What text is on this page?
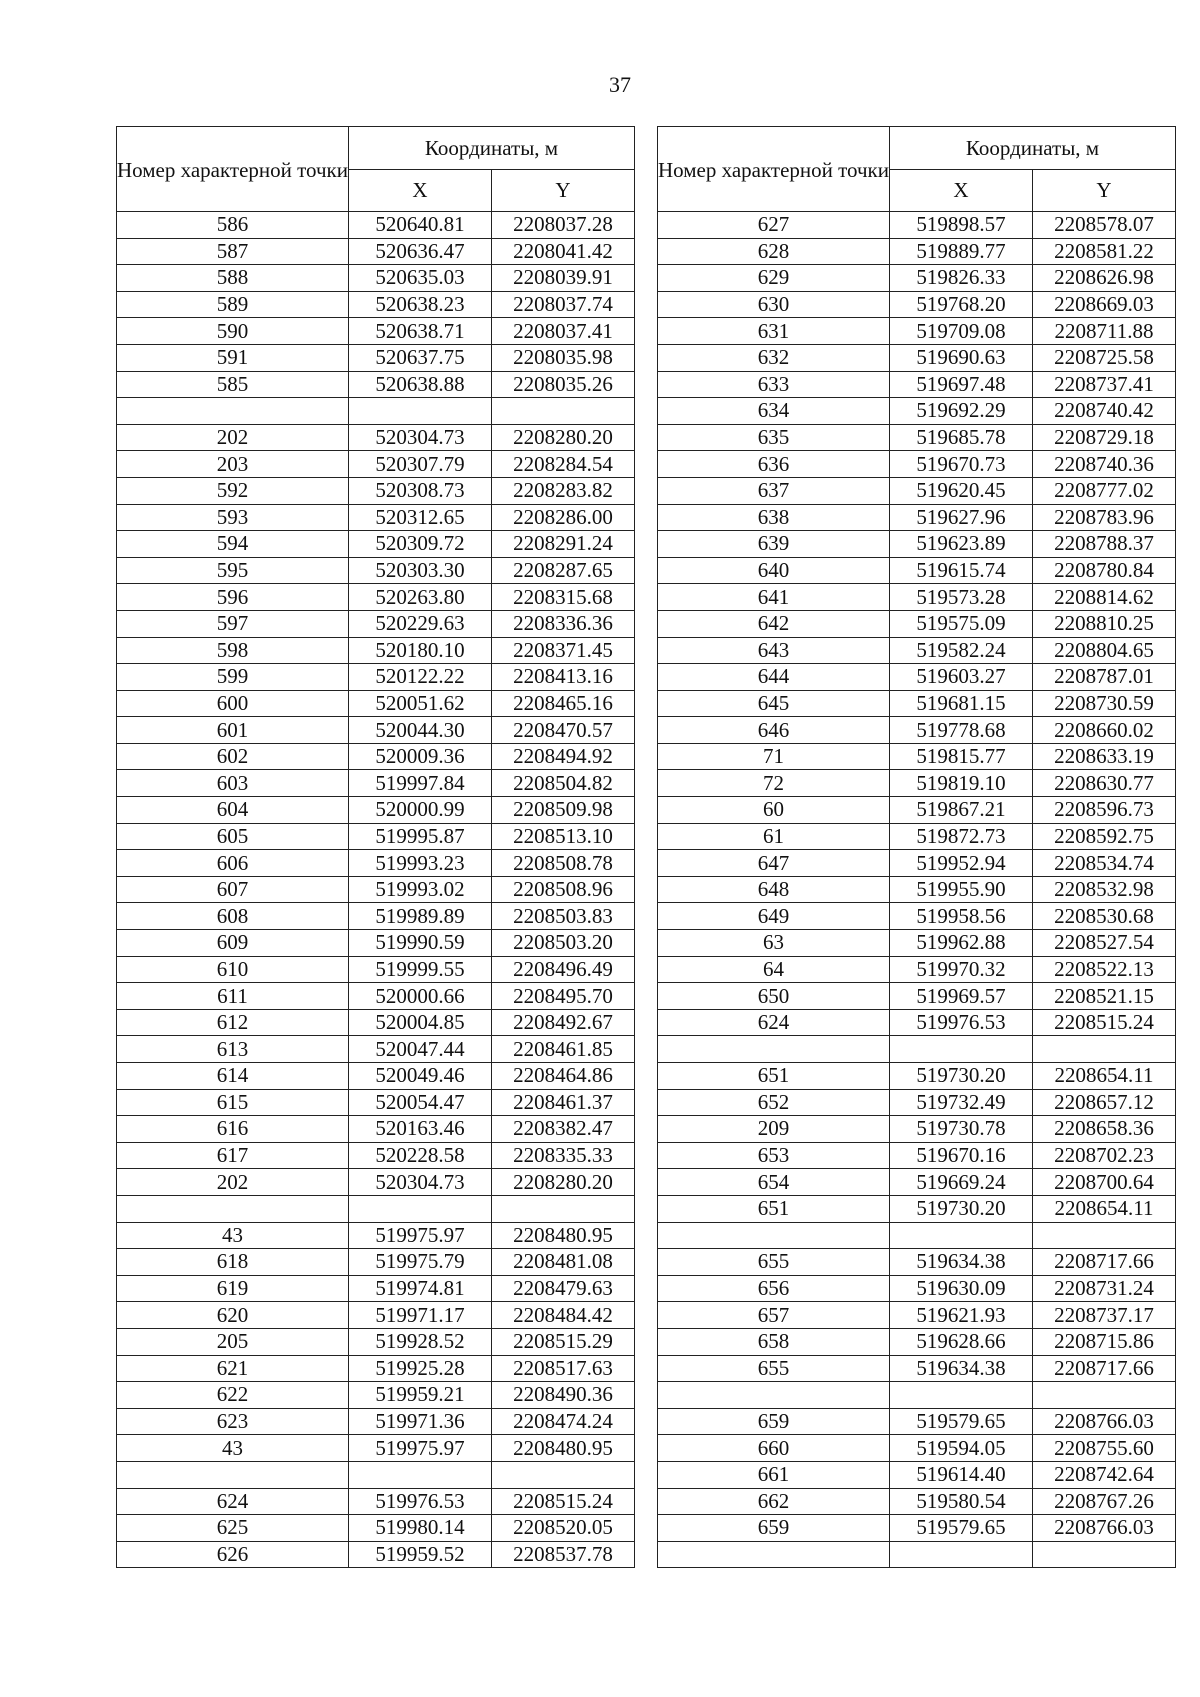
37
Номер характерной точки	Координаты, м	
	X	Y
586	520640.81	2208037.28
587	520636.47	2208041.42
588	520635.03	2208039.91
589	520638.23	2208037.74
590	520638.71	2208037.41
591	520637.75	2208035.98
585	520638.88	2208035.26

202	520304.73	2208280.20
203	520307.79	2208284.54
592	520308.73	2208283.82
593	520312.65	2208286.00
594	520309.72	2208291.24
595	520303.30	2208287.65
596	520263.80	2208315.68
597	520229.63	2208336.36
598	520180.10	2208371.45
599	520122.22	2208413.16
600	520051.62	2208465.16
601	520044.30	2208470.57
602	520009.36	2208494.92
603	519997.84	2208504.82
604	520000.99	2208509.98
605	519995.87	2208513.10
606	519993.23	2208508.78
607	519993.02	2208508.96
608	519989.89	2208503.83
609	519990.59	2208503.20
610	519999.55	2208496.49
611	520000.66	2208495.70
612	520004.85	2208492.67
613	520047.44	2208461.85
614	520049.46	2208464.86
615	520054.47	2208461.37
616	520163.46	2208382.47
617	520228.58	2208335.33
202	520304.73	2208280.20

43	519975.97	2208480.95
618	519975.79	2208481.08
619	519974.81	2208479.63
620	519971.17	2208484.42
205	519928.52	2208515.29
621	519925.28	2208517.63
622	519959.21	2208490.36
623	519971.36	2208474.24
43	519975.97	2208480.95

624	519976.53	2208515.24
625	519980.14	2208520.05
626	519959.52	2208537.78
Номер характерной точки	Координаты, м	
	X	Y
627	519898.57	2208578.07
628	519889.77	2208581.22
629	519826.33	2208626.98
630	519768.20	2208669.03
631	519709.08	2208711.88
632	519690.63	2208725.58
633	519697.48	2208737.41
634	519692.29	2208740.42
635	519685.78	2208729.18
636	519670.73	2208740.36
637	519620.45	2208777.02
638	519627.96	2208783.96
639	519623.89	2208788.37
640	519615.74	2208780.84
641	519573.28	2208814.62
642	519575.09	2208810.25
643	519582.24	2208804.65
644	519603.27	2208787.01
645	519681.15	2208730.59
646	519778.68	2208660.02
71	519815.77	2208633.19
72	519819.10	2208630.77
60	519867.21	2208596.73
61	519872.73	2208592.75
647	519952.94	2208534.74
648	519955.90	2208532.98
649	519958.56	2208530.68
63	519962.88	2208527.54
64	519970.32	2208522.13
650	519969.57	2208521.15
624	519976.53	2208515.24

651	519730.20	2208654.11
652	519732.49	2208657.12
209	519730.78	2208658.36
653	519670.16	2208702.23
654	519669.24	2208700.64
651	519730.20	2208654.11

655	519634.38	2208717.66
656	519630.09	2208731.24
657	519621.93	2208737.17
658	519628.66	2208715.86
655	519634.38	2208717.66

659	519579.65	2208766.03
660	519594.05	2208755.60
661	519614.40	2208742.64
662	519580.54	2208767.26
659	519579.65	2208766.03
